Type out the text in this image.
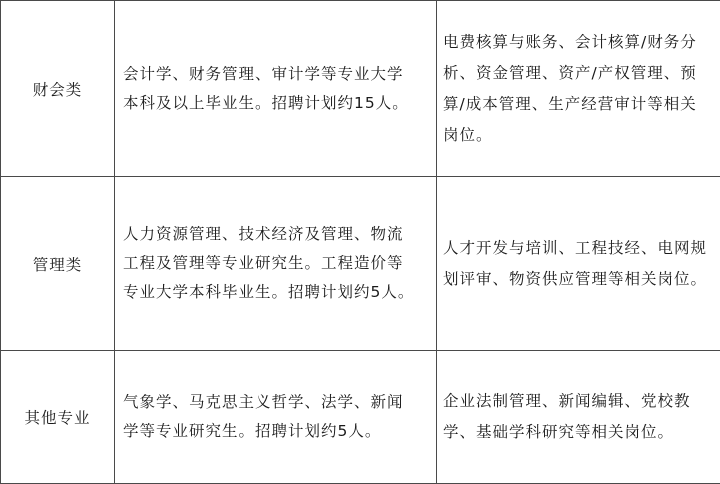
财会类	会计学、财务管理、审计学等专业大学本科及以上毕业生。招聘计划约15人。	电费核算与账务、会计核算/财务分析、资金管理、资产/产权管理、预算/成本管理、生产经营审计等相关岗位。

管理类	人力资源管理、技术经济及管理、物流工程及管理等专业研究生。工程造价等专业大学本科毕业生。招聘计划约5人。	人才开发与培训、工程技经、电网规划评审、物资供应管理等相关岗位。

其他专业	气象学、马克思主义哲学、法学、新闻学等专业研究生。招聘计划约5人。	企业法制管理、新闻编辑、党校教学、基础学科研究等相关岗位。
